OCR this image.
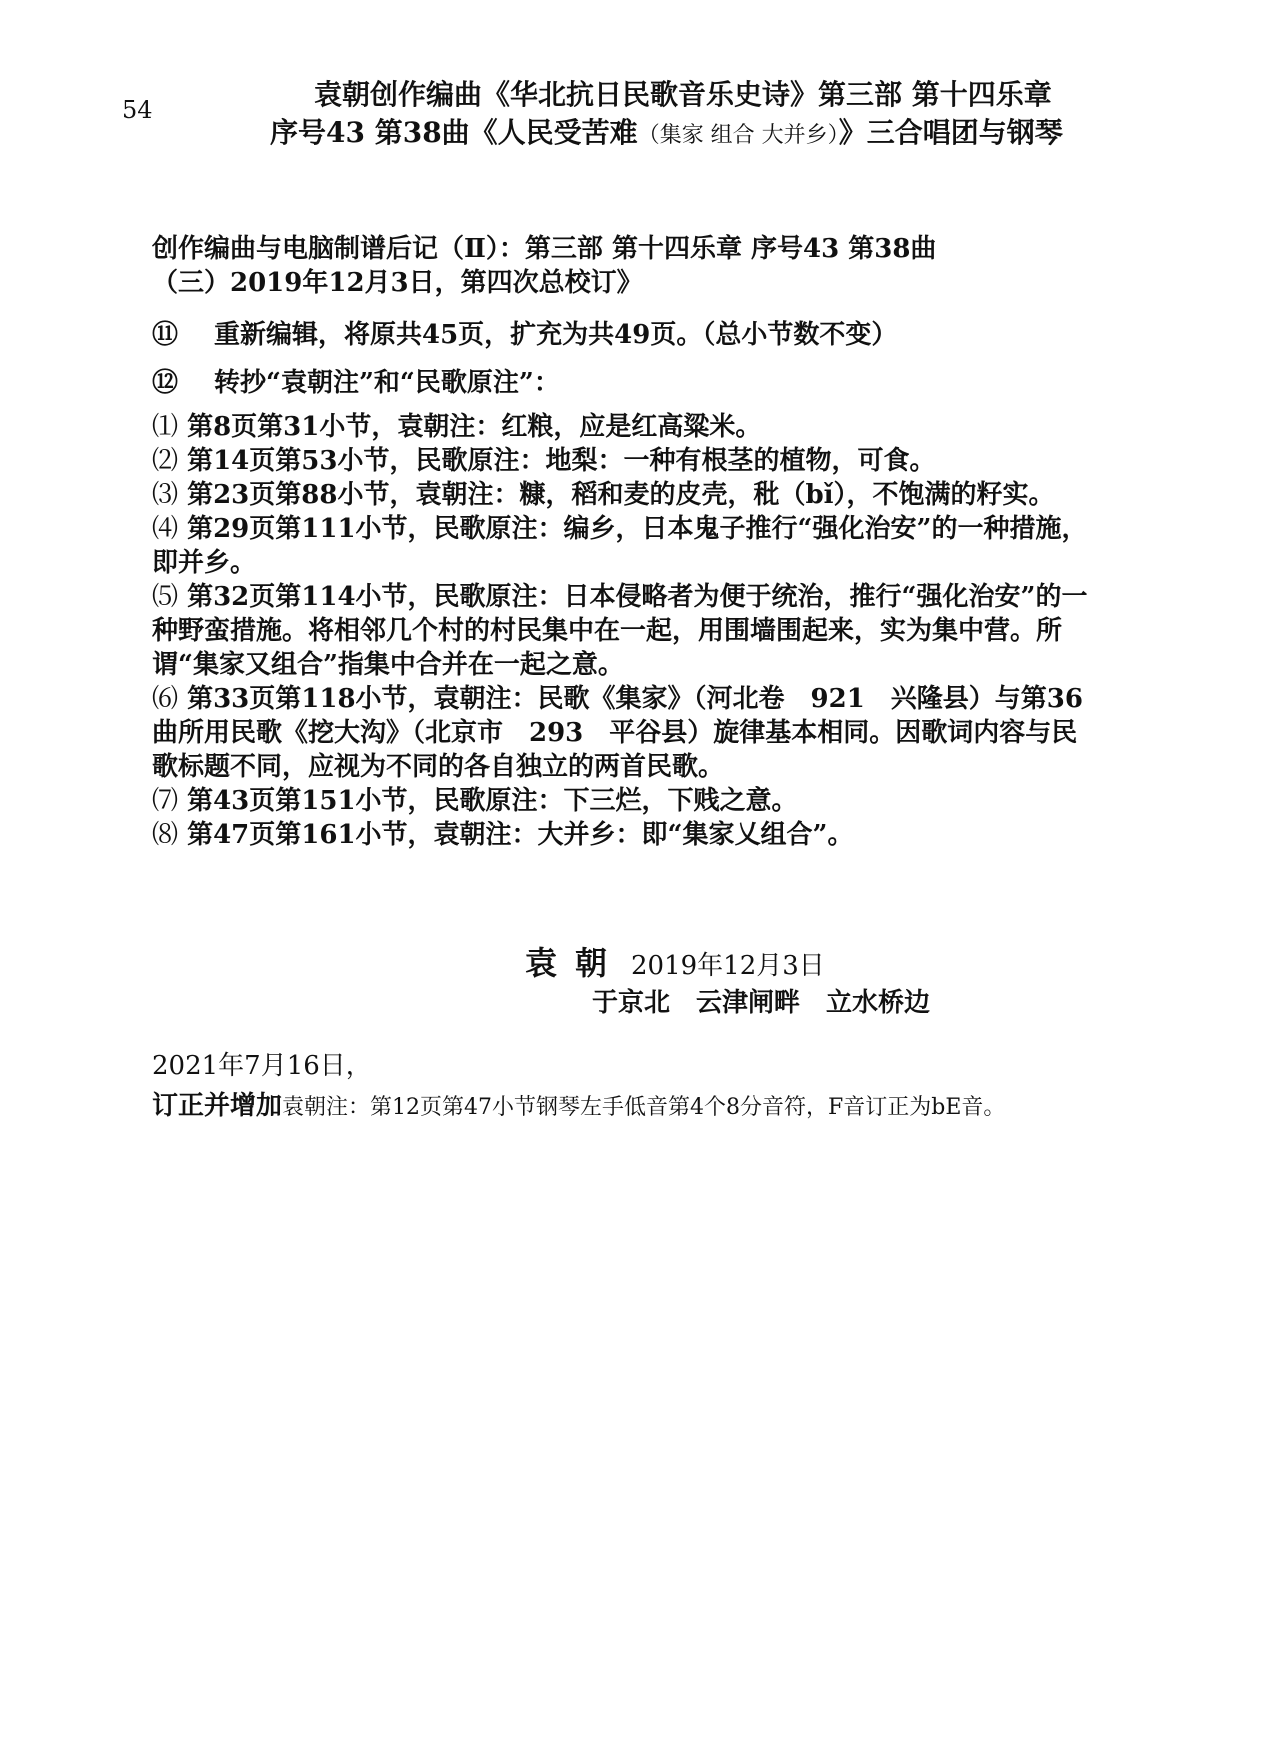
54	袁朝创作编曲《华北抗日民歌音乐史诗》第三部 第十四乐章
序号43 第38曲《人民受苦难（集家 组合 大并乡）》三合唱团与钢琴
创作编曲与电脑制谱后记（Ⅱ）：第三部 第十四乐章 序号43 第38曲
（三）2019年12月3日，第四次总校订》
⑪ 重新编辑，将原共45页，扩充为共49页。（总小节数不变）
⑫ 转抄“袁朝注”和“民歌原注”：

⑴ 第8页第31小节，袁朝注：红粮，应是红高粱米。

⑵ 第14页第53小节，民歌原注：地梨：一种有根茎的植物，可食。

⑶ 第23页第88小节，袁朝注：糠，稻和麦的皮壳，秕（bǐ），不饱满的籽实。

⑷ 第29页第111小节，民歌原注：编乡，日本鬼子推行“强化治安”的一种措施，即并乡。

⑸ 第32页第114小节，民歌原注：日本侵略者为便于统治，推行“强化治安”的一种野蛮措施。将相邻几个村的村民集中在一起，用围墙围起来，实为集中营。所谓“集家又组合”指集中合并在一起之意。

⑹ 第33页第118小节，袁朝注：民歌《集家》（河北卷　921　兴隆县）与第36曲所用民歌《挖大沟》（北京市　293　平谷县）旋律基本相同。因歌词内容与民歌标题不同，应视为不同的各自独立的两首民歌。

⑺ 第43页第151小节，民歌原注：下三烂，下贱之意。

⑻ 第47页第161小节，袁朝注：大并乡：即“集家乂组合”。

袁朝 2019年12月3日
于京北 云津闸畔 立水桥边
2021年7月16日，
订正并增加袁朝注：第12页第47小节钢琴左手低音第4个8分音符，F音订正为bE音。
